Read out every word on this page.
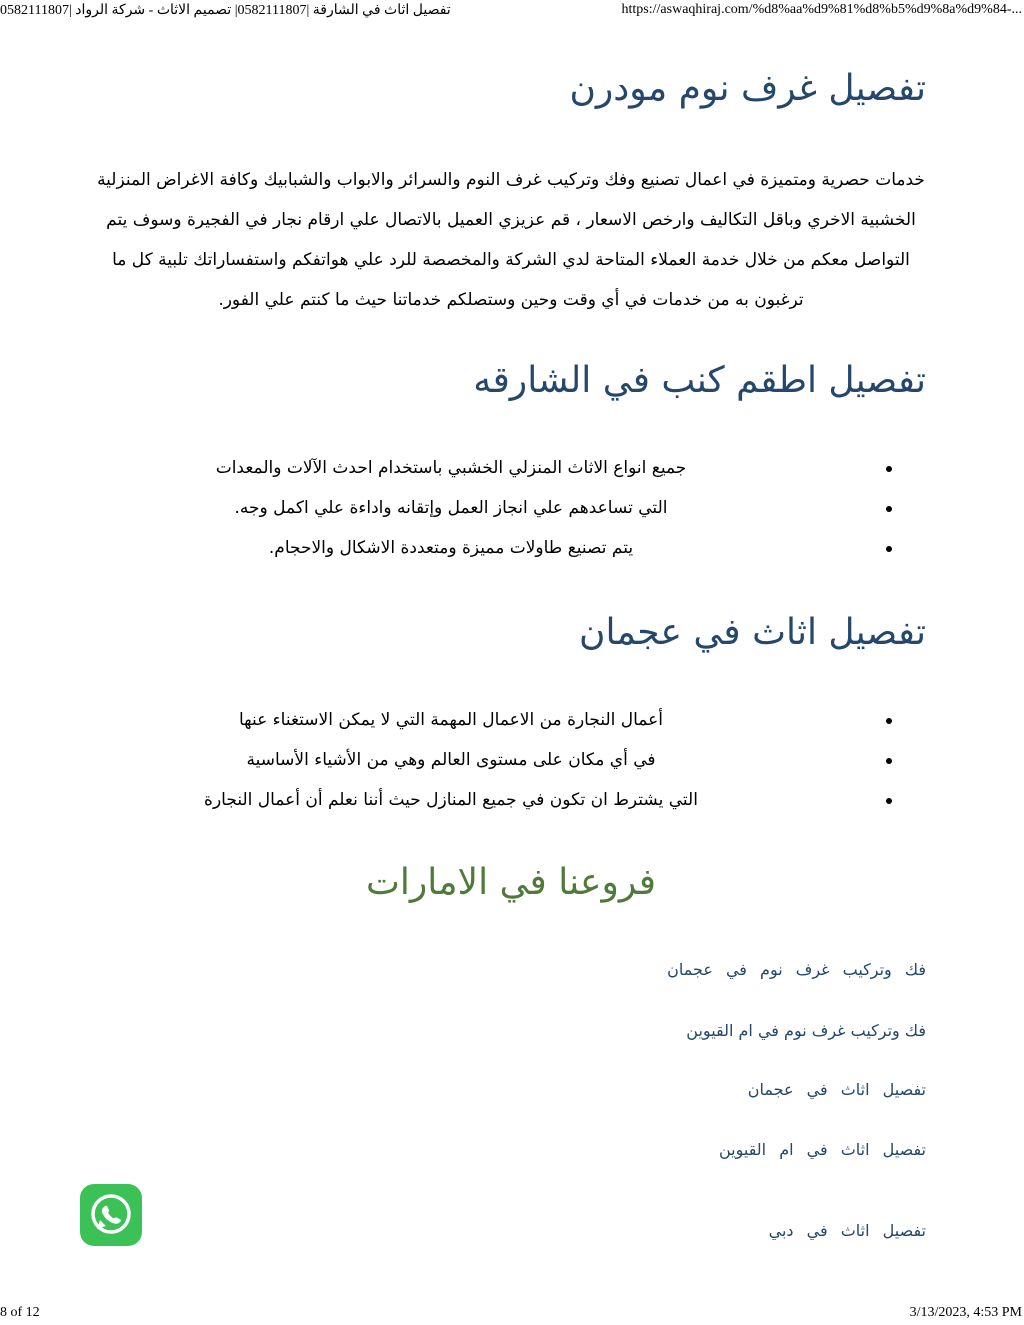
تفصيل اثاث في الشارقة |0582111807| تصميم الاثاث - شركة الرواد |0582111807	https://aswaqhiraj.com/%d8%aa%d9%81%d8%b5%d9%8a%d9%84-...
تفصيل غرف نوم مودرن

خدمات حصرية ومتميزة في اعمال تصنيع وفك وتركيب غرف النوم والسرائر والابواب والشبابيك وكافة الاغراض المنزلية الخشبية الاخري وباقل التكاليف وارخص الاسعار ، قم عزيزي العميل بالاتصال علي ارقام نجار في الفجيرة وسوف يتم التواصل معكم من خلال خدمة العملاء المتاحة لدي الشركة والمخصصة للرد علي هواتفكم واستفساراتك تلبية كل ما ترغبون به من خدمات في أي وقت وحين وستصلكم خدماتنا حيث ما كنتم علي الفور.

تفصيل اطقم كنب في الشارقه
جميع انواع الاثاث المنزلي الخشبي باستخدام احدث الآلات والمعدات
التي تساعدهم علي انجاز العمل وإتقانه واداءة علي اكمل وجه.
يتم تصنيع طاولات مميزة ومتعددة الاشكال والاحجام.
تفصيل اثاث في عجمان
أعمال النجارة من الاعمال المهمة التي لا يمكن الاستغناء عنها
في أي مكان على مستوى العالم وهي من الأشياء الأساسية
التي يشترط ان تكون في جميع المنازل حيث أننا نعلم أن أعمال النجارة
فروعنا في الامارات
فك وتركيب غرف نوم في عجمان
فك وتركيب غرف نوم في ام القيوين
تفصيل اثاث في عجمان
تفصيل اثاث في ام القيوين
تفصيل اثاث في دبي
8 of 12	3/13/2023, 4:53 PM
